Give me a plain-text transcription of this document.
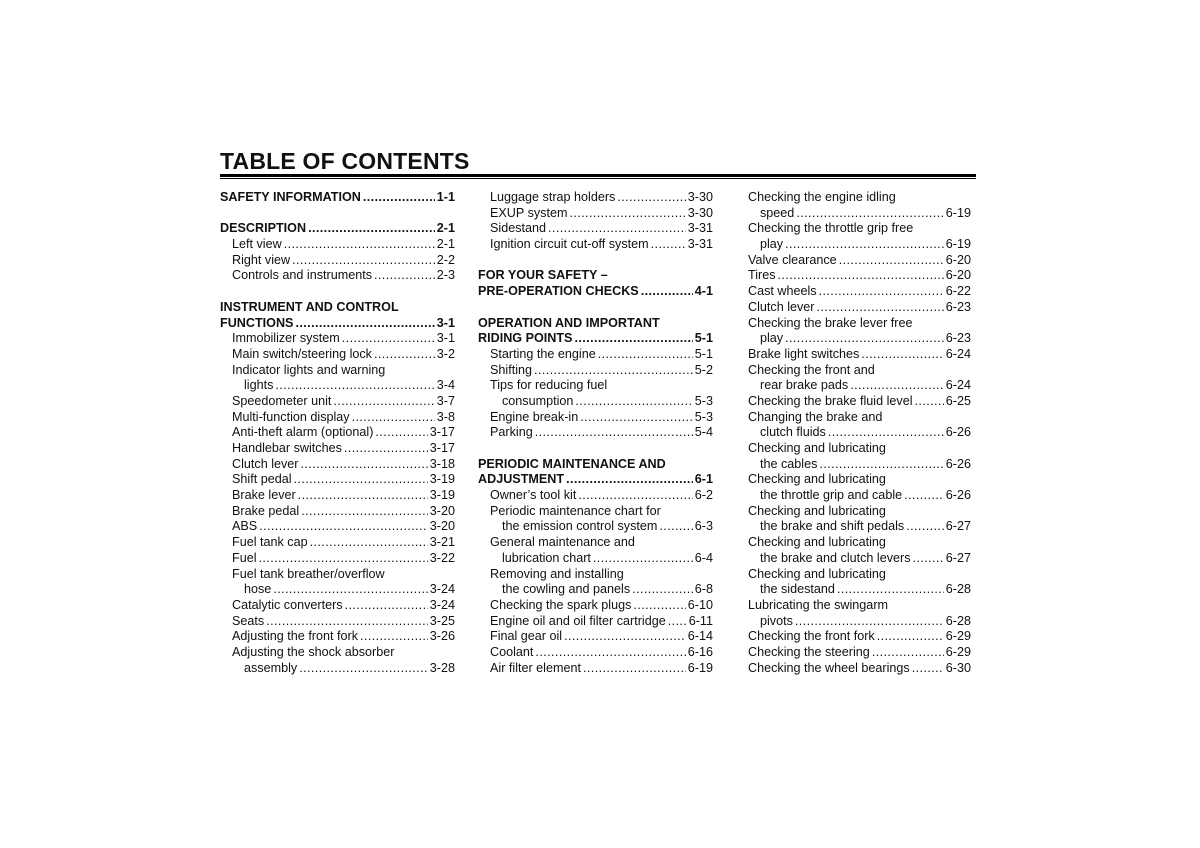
TABLE OF CONTENTS
SAFETY INFORMATION .....	1-1
DESCRIPTION .....	2-1
Left view .....	2-1
Right view .....	2-2
Controls and instruments .....	2-3
INSTRUMENT AND CONTROL
FUNCTIONS .....	3-1
Immobilizer system .....	3-1
Main switch/steering lock .....	3-2
Indicator lights and warning
lights .....	3-4
Speedometer unit .....	3-7
Multi-function display .....	3-8
Anti-theft alarm (optional) .....	3-17
Handlebar switches .....	3-17
Clutch lever .....	3-18
Shift pedal .....	3-19
Brake lever .....	3-19
Brake pedal .....	3-20
ABS .....	3-20
Fuel tank cap .....	3-21
Fuel .....	3-22
Fuel tank breather/overflow
hose .....	3-24
Catalytic converters .....	3-24
Seats .....	3-25
Adjusting the front fork .....	3-26
Adjusting the shock absorber
assembly .....	3-28
Luggage strap holders .....	3-30
EXUP system .....	3-30
Sidestand .....	3-31
Ignition circuit cut-off system .....	3-31
FOR YOUR SAFETY –
PRE-OPERATION CHECKS .....	4-1
OPERATION AND IMPORTANT
RIDING POINTS .....	5-1
Starting the engine .....	5-1
Shifting .....	5-2
Tips for reducing fuel
consumption .....	5-3
Engine break-in .....	5-3
Parking .....	5-4
PERIODIC MAINTENANCE AND
ADJUSTMENT .....	6-1
Owner’s tool kit .....	6-2
Periodic maintenance chart for
the emission control system .....	6-3
General maintenance and
lubrication chart .....	6-4
Removing and installing
the cowling and panels .....	6-8
Checking the spark plugs .....	6-10
Engine oil and oil filter cartridge ..... 6-11
Final gear oil .....	6-14
Coolant .....	6-16
Air filter element .....	6-19
Checking the engine idling
speed .....	6-19
Checking the throttle grip free
play .....	6-19
Valve clearance .....	6-20
Tires .....	6-20
Cast wheels .....	6-22
Clutch lever .....	6-23
Checking the brake lever free
play .....	6-23
Brake light switches .....	6-24
Checking the front and
rear brake pads .....	6-24
Checking the brake fluid level .....	6-25
Changing the brake and
clutch fluids .....	6-26
Checking and lubricating
the cables .....	6-26
Checking and lubricating
the throttle grip and cable .....	6-26
Checking and lubricating
the brake and shift pedals .....	6-27
Checking and lubricating
the brake and clutch levers .....	6-27
Checking and lubricating
the sidestand .....	6-28
Lubricating the swingarm
pivots .....	6-28
Checking the front fork .....	6-29
Checking the steering .....	6-29
Checking the wheel bearings .....	6-30
